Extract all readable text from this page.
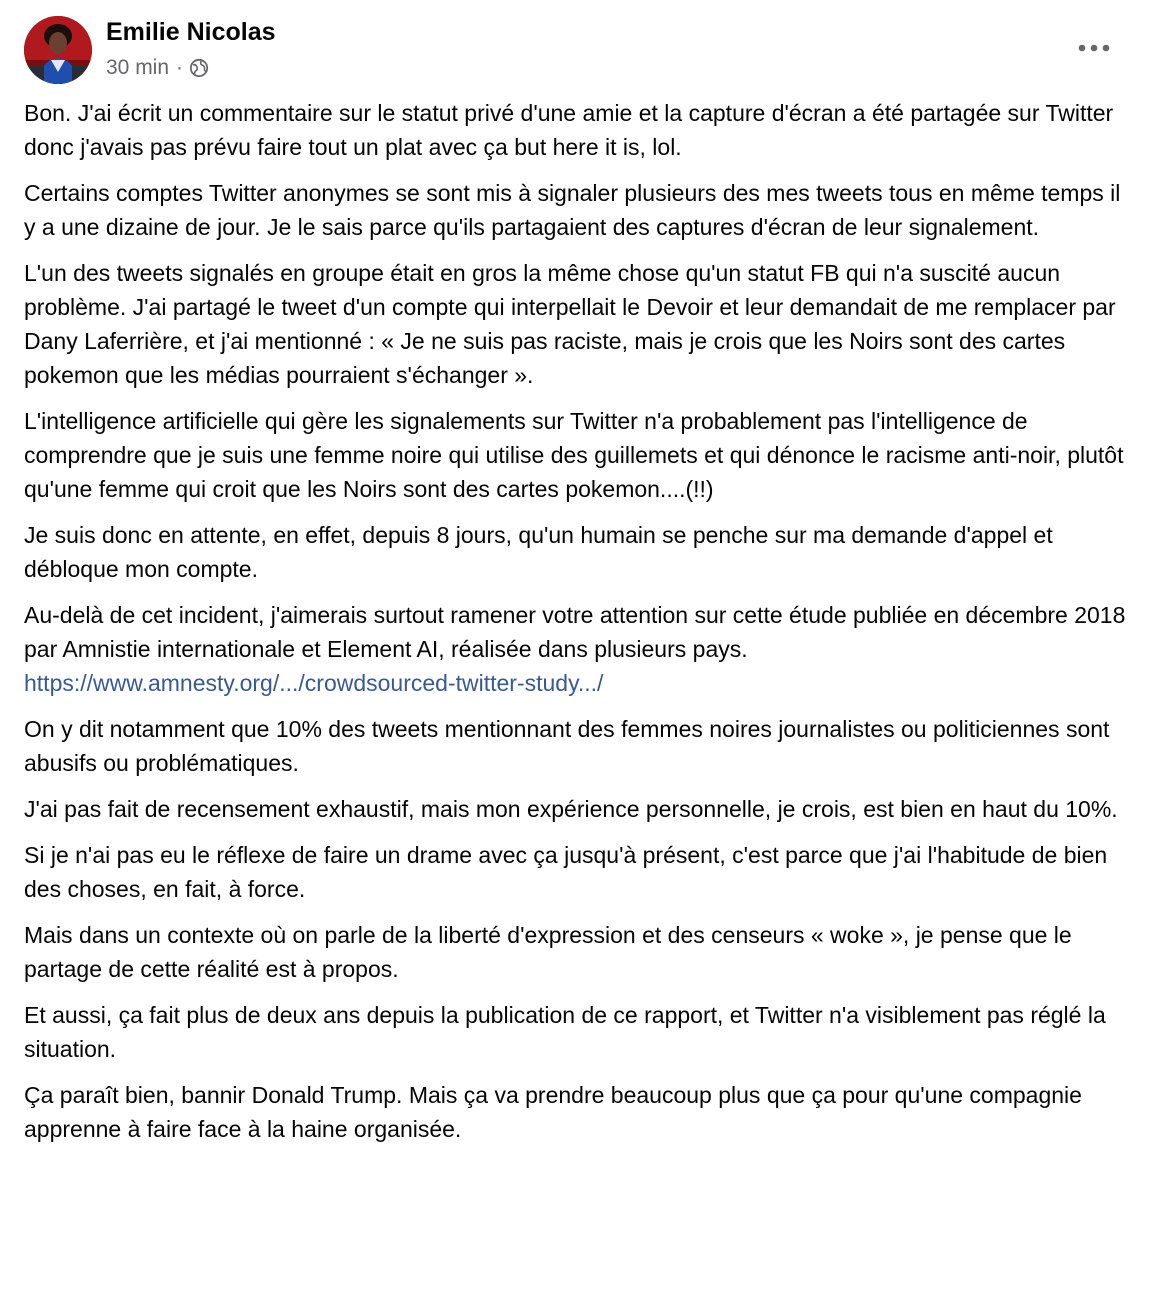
Emilie Nicolas
30 min ·

Bon. J'ai écrit un commentaire sur le statut privé d'une amie et la capture d'écran a été partagée sur Twitter donc j'avais pas prévu faire tout un plat avec ça but here it is, lol.

Certains comptes Twitter anonymes se sont mis à signaler plusieurs des mes tweets tous en même temps il y a une dizaine de jour. Je le sais parce qu'ils partagaient des captures d'écran de leur signalement.

L'un des tweets signalés en groupe était en gros la même chose qu'un statut FB qui n'a suscité aucun problème. J'ai partagé le tweet d'un compte qui interpellait le Devoir et leur demandait de me remplacer par Dany Laferrière, et j'ai mentionné : « Je ne suis pas raciste, mais je crois que les Noirs sont des cartes pokemon que les médias pourraient s'échanger ».

L'intelligence artificielle qui gère les signalements sur Twitter n'a probablement pas l'intelligence de comprendre que je suis une femme noire qui utilise des guillemets et qui dénonce le racisme anti-noir, plutôt qu'une femme qui croit que les Noirs sont des cartes pokemon....(!!)

Je suis donc en attente, en effet, depuis 8 jours, qu'un humain se penche sur ma demande d'appel et débloque mon compte.

Au-delà de cet incident, j'aimerais surtout ramener votre attention sur cette étude publiée en décembre 2018 par Amnistie internationale et Element AI, réalisée dans plusieurs pays.
https://www.amnesty.org/.../crowdsourced-twitter-study.../

On y dit notamment que 10% des tweets mentionnant des femmes noires journalistes ou politiciennes sont abusifs ou problématiques.

J'ai pas fait de recensement exhaustif, mais mon expérience personnelle, je crois, est bien en haut du 10%.

Si je n'ai pas eu le réflexe de faire un drame avec ça jusqu'à présent, c'est parce que j'ai l'habitude de bien des choses, en fait, à force.

Mais dans un contexte où on parle de la liberté d'expression et des censeurs « woke », je pense que le partage de cette réalité est à propos.

Et aussi, ça fait plus de deux ans depuis la publication de ce rapport, et Twitter n'a visiblement pas réglé la situation.

Ça paraît bien, bannir Donald Trump. Mais ça va prendre beaucoup plus que ça pour qu'une compagnie apprenne à faire face à la haine organisée.
